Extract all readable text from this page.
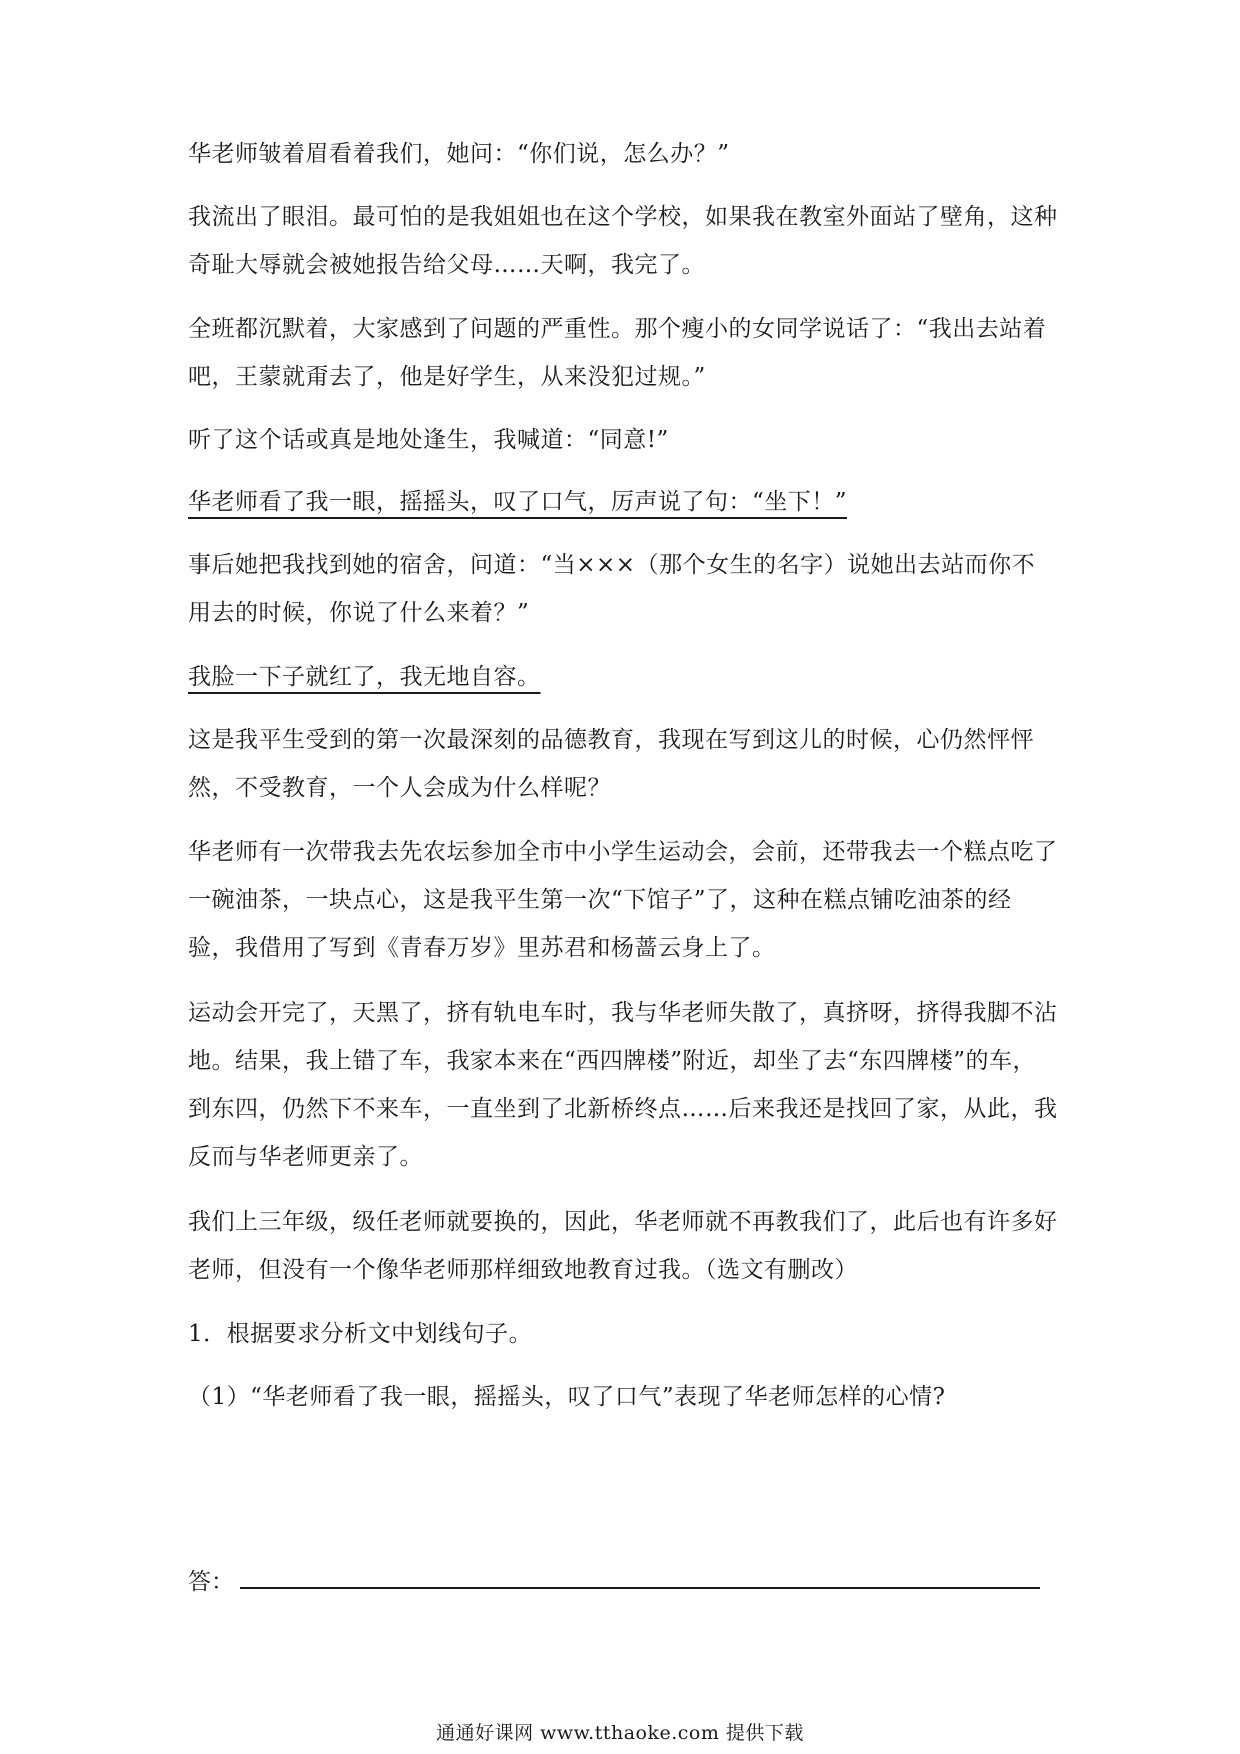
华老师皱着眉看着我们，她问：“你们说，怎么办？”

我流出了眼泪。最可怕的是我姐姐也在这个学校，如果我在教室外面站了壁角，这种奇耻大辱就会被她报告给父母……天啊，我完了。

全班都沉默着，大家感到了问题的严重性。那个瘦小的女同学说话了：“我出去站着吧，王蒙就甭去了，他是好学生，从来没犯过规。”

听了这个话或真是地处逢生，我喊道：“同意!”

华老师看了我一眼，摇摇头，叹了口气，厉声说了句：“坐下！”

事后她把我找到她的宿舍，问道：“当×××（那个女生的名字）说她出去站而你不用去的时候，你说了什么来着？”

我脸一下子就红了，我无地自容。

这是我平生受到的第一次最深刻的品德教育，我现在写到这儿的时候，心仍然怦怦然，不受教育，一个人会成为什么样呢？

华老师有一次带我去先农坛参加全市中小学生运动会，会前，还带我去一个糕点吃了一碗油茶，一块点心，这是我平生第一次“下馆子”了，这种在糕点铺吃油茶的经验，我借用了写到《青春万岁》里苏君和杨蔷云身上了。

运动会开完了，天黑了，挤有轨电车时，我与华老师失散了，真挤呀，挤得我脚不沾地。结果，我上错了车，我家本来在“西四牌楼”附近，却坐了去“东四牌楼”的车，到东四，仍然下不来车，一直坐到了北新桥终点……后来我还是找回了家，从此，我反而与华老师更亲了。

我们上三年级，级任老师就要换的，因此，华老师就不再教我们了，此后也有许多好老师，但没有一个像华老师那样细致地教育过我。（选文有删改）

1．根据要求分析文中划线句子。

（1）“华老师看了我一眼，摇摇头，叹了口气”表现了华老师怎样的心情?

答：
通通好课网 www.tthaoke.com 提供下载
